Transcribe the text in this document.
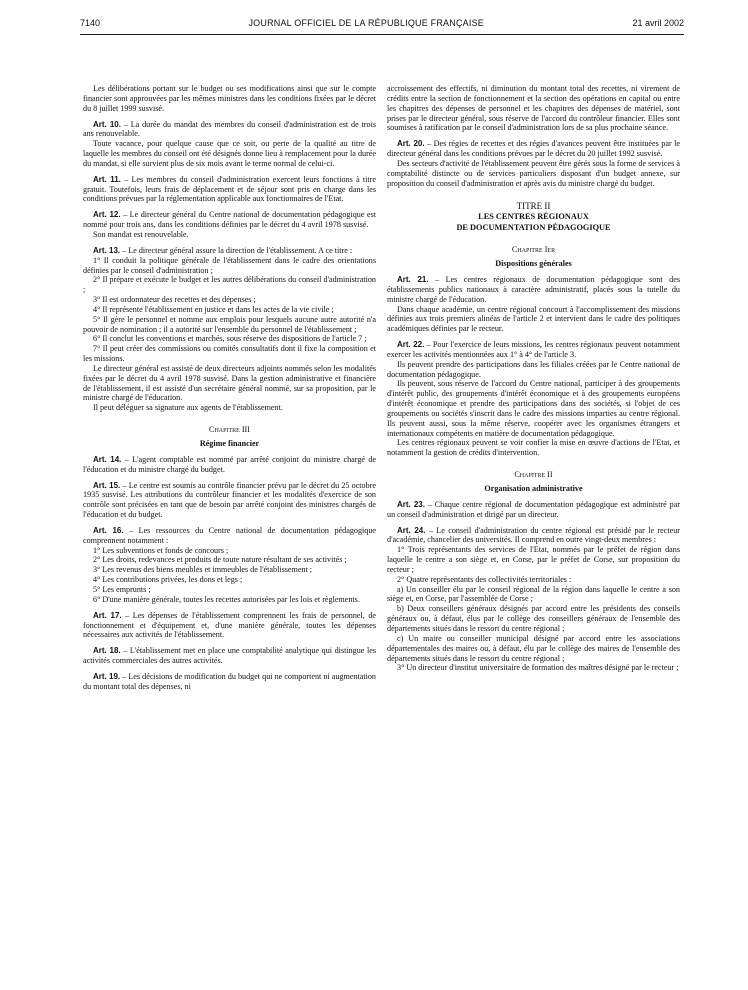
7140	JOURNAL OFFICIEL DE LA RÉPUBLIQUE FRANÇAISE	21 avril 2002

Les délibérations portant sur le budget ou ses modifications ainsi que sur le compte financier sont approuvées par les mêmes ministres dans les conditions fixées par le décret du 8 juillet 1999 susvisé.

Art. 10. – La durée du mandat des membres du conseil d'administration est de trois ans renouvelable.

Toute vacance, pour quelque cause que ce soit, ou perte de la qualité au titre de laquelle les membres du conseil ont été désignés donne lieu à remplacement pour la durée du mandat, si elle survient plus de six mois avant le terme normal de celui-ci.

Art. 11. – Les membres du conseil d'administration exercent leurs fonctions à titre gratuit. Toutefois, leurs frais de déplacement et de séjour sont pris en charge dans les conditions prévues par la réglementation applicable aux fonctionnaires de l'Etat.

Art. 12. – Le directeur général du Centre national de documentation pédagogique est nommé pour trois ans, dans les conditions définies par le décret du 4 avril 1978 susvisé.

Son mandat est renouvelable.

Art. 13. – Le directeur général assure la direction de l'établissement. A ce titre :

1° Il conduit la politique générale de l'établissement dans le cadre des orientations définies par le conseil d'administration ;

2° Il prépare et exécute le budget et les autres délibérations du conseil d'administration ;

3° Il est ordonnateur des recettes et des dépenses ;

4° Il représente l'établissement en justice et dans les actes de la vie civile ;

5° Il gère le personnel et nomme aux emplois pour lesquels aucune autre autorité n'a pouvoir de nomination ; il a autorité sur l'ensemble du personnel de l'établissement ;

6° Il conclut les conventions et marchés, sous réserve des dispositions de l'article 7 ;

7° Il peut créer des commissions ou comités consultatifs dont il fixe la composition et les missions.

Le directeur général est assisté de deux directeurs adjoints nommés selon les modalités fixées par le décret du 4 avril 1978 susvisé. Dans la gestion administrative et financière de l'établissement, il est assisté d'un secrétaire général nommé, sur sa proposition, par le ministre chargé de l'éducation.

Il peut déléguer sa signature aux agents de l'établissement.

Chapitre III

Régime financier

Art. 14. – L'agent comptable est nommé par arrêté conjoint du ministre chargé de l'éducation et du ministre chargé du budget.

Art. 15. – Le centre est soumis au contrôle financier prévu par le décret du 25 octobre 1935 susvisé. Les attributions du contrôleur financier et les modalités d'exercice de son contrôle sont précisées en tant que de besoin par arrêté conjoint des ministres chargés de l'éducation et du budget.

Art. 16. – Les ressources du Centre national de documentation pédagogique comprennent notamment :

1° Les subventions et fonds de concours ;

2° Les droits, redevances et produits de toute nature résultant de ses activités ;

3° Les revenus des biens meubles et immeubles de l'établissement ;

4° Les contributions privées, les dons et legs ;

5° Les emprunts ;

6° D'une manière générale, toutes les recettes autorisées par les lois et règlements.

Art. 17. – Les dépenses de l'établissement comprennent les frais de personnel, de fonctionnement et d'équipement et, d'une manière générale, toutes les dépenses nécessaires aux activités de l'établissement.

Art. 18. – L'établissement met en place une comptabilité analytique qui distingue les activités commerciales des autres activités.

Art. 19. – Les décisions de modification du budget qui ne comportent ni augmentation du montant total des dépenses, ni

accroissement des effectifs, ni diminution du montant total des recettes, ni virement de crédits entre la section de fonctionnement et la section des opérations en capital ou entre les chapitres des dépenses de personnel et les chapitres des dépenses de matériel, sont prises par le directeur général, sous réserve de l'accord du contrôleur financier. Elles sont soumises à ratification par le conseil d'administration lors de sa plus prochaine séance.

Art. 20. – Des régies de recettes et des régies d'avances peuvent être instituées par le directeur général dans les conditions prévues par le décret du 20 juillet 1992 susvisé.

Des secteurs d'activité de l'établissement peuvent être gérés sous la forme de services à comptabilité distincte ou de services particuliers disposant d'un budget annexe, sur proposition du conseil d'administration et après avis du ministre chargé du budget.

TITRE II

LES CENTRES RÉGIONAUX

DE DOCUMENTATION PÉDAGOGIQUE

Chapitre Ier

Dispositions générales

Art. 21. – Les centres régionaux de documentation pédagogique sont des établissements publics nationaux à caractère administratif, placés sous la tutelle du ministre chargé de l'éducation.

Dans chaque académie, un centre régional concourt à l'accomplissement des missions définies aux trois premiers alinéas de l'article 2 et intervient dans le cadre des politiques académiques définies par le recteur.

Art. 22. – Pour l'exercice de leurs missions, les centres régionaux peuvent notamment exercer les activités mentionnées aux 1° à 4° de l'article 3.

Ils peuvent prendre des participations dans les filiales créées par le Centre national de documentation pédagogique.

Ils peuvent, sous réserve de l'accord du Centre national, participer à des groupements d'intérêt public, des groupements d'intérêt économique et à des groupements européens d'intérêt économique et prendre des participations dans des sociétés, si l'objet de ces groupements ou sociétés s'inscrit dans le cadre des missions imparties au centre régional. Ils peuvent aussi, sous la même réserve, coopérer avec les organismes étrangers et internationaux compétents en matière de documentation pédagogique.

Les centres régionaux peuvent se voir confier la mise en œuvre d'actions de l'Etat, et notamment la gestion de crédits d'intervention.

Chapitre II

Organisation administrative

Art. 23. – Chaque centre régional de documentation pédagogique est administré par un conseil d'administration et dirigé par un directeur.

Art. 24. – Le conseil d'administration du centre régional est présidé par le recteur d'académie, chancelier des universités. Il comprend en outre vingt-deux membres :

1° Trois représentants des services de l'Etat, nommés par le préfet de région dans laquelle le centre a son siège et, en Corse, par le préfet de Corse, sur proposition du recteur ;

2° Quatre représentants des collectivités territoriales :

a) Un conseiller élu par le conseil régional de la région dans laquelle le centre a son siège et, en Corse, par l'assemblée de Corse ;

b) Deux conseillers généraux désignés par accord entre les présidents des conseils généraux ou, à défaut, élus par le collège des conseillers généraux de l'ensemble des départements situés dans le ressort du centre régional ;

c) Un maire ou conseiller municipal désigné par accord entre les associations départementales des maires ou, à défaut, élu par le collège des maires de l'ensemble des départements situés dans le ressort du centre régional ;

3° Un directeur d'institut universitaire de formation des maîtres désigné par le recteur ;
